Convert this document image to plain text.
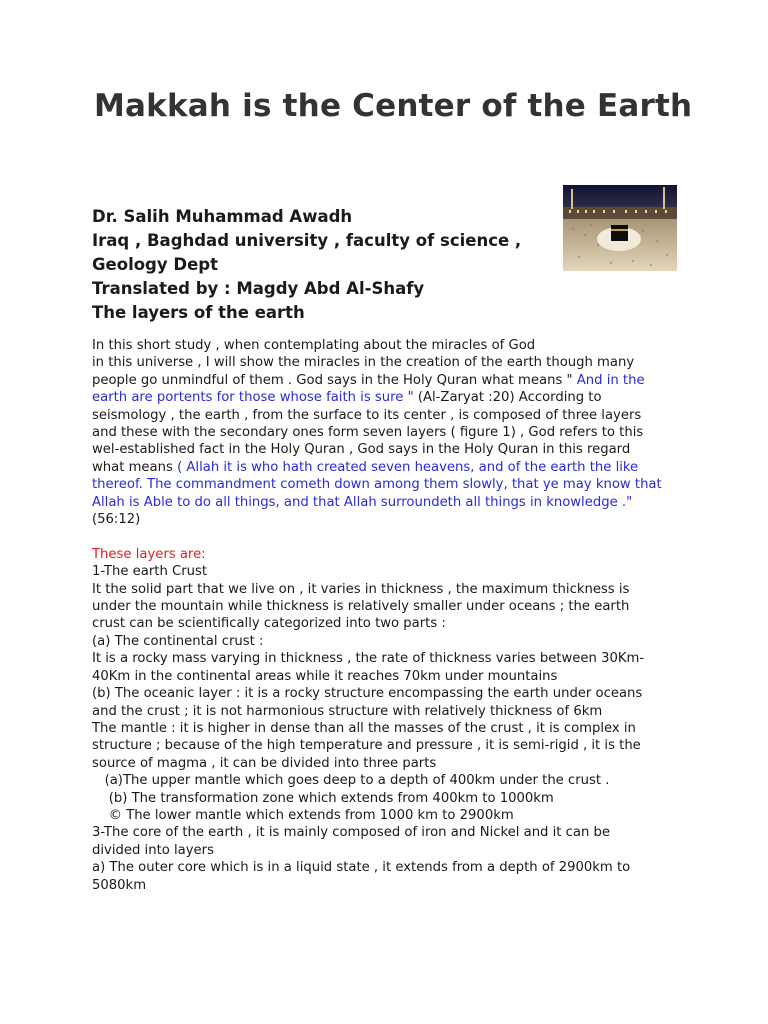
Makkah is the Center of the Earth
Dr. Salih Muhammad Awadh
Iraq , Baghdad university , faculty of science ,
Geology Dept
Translated by : Magdy Abd Al-Shafy
The layers of the earth

In this short study , when contemplating about the miracles of God

in this universe , I will show the miracles in the creation of the earth though many

people go unmindful of them . God says in the Holy Quran what means " And in the

earth are portents for those whose faith is sure " (Al-Zaryat :20) According to

seismology , the earth , from the surface to its center , is composed of three layers

and these with the secondary ones form seven layers ( figure 1) , God refers to this

wel-established fact in the Holy Quran , God says in the Holy Quran in this regard

what means ( Allah it is who hath created seven heavens, and of the earth the like

thereof. The commandment cometh down among them slowly, that ye may know that

Allah is Able to do all things, and that Allah surroundeth all things in knowledge ."

(56:12)

These layers are:

1-The earth Crust

It the solid part that we live on , it varies in thickness , the maximum thickness is

under the mountain while thickness is relatively smaller under oceans ; the earth

crust can be scientifically categorized into two parts :

(a) The continental crust :

It is a rocky mass varying in thickness , the rate of thickness varies between 30Km-

40Km in the continental areas while it reaches 70km under mountains

(b) The oceanic layer : it is a rocky structure encompassing the earth under oceans

and the crust ; it is not harmonious structure with relatively thickness of 6km

The mantle : it is higher in dense than all the masses of the crust , it is complex in

structure ; because of the high temperature and pressure , it is semi-rigid , it is the

source of magma , it can be divided into three parts

(a)The upper mantle which goes deep to a depth of 400km under the crust .

(b) The transformation zone which extends from 400km to 1000km

© The lower mantle which extends from 1000 km to 2900km

3-The core of the earth , it is mainly composed of iron and Nickel and it can be

divided into layers

a) The outer core which is in a liquid state , it extends from a depth of 2900km to

5080km
